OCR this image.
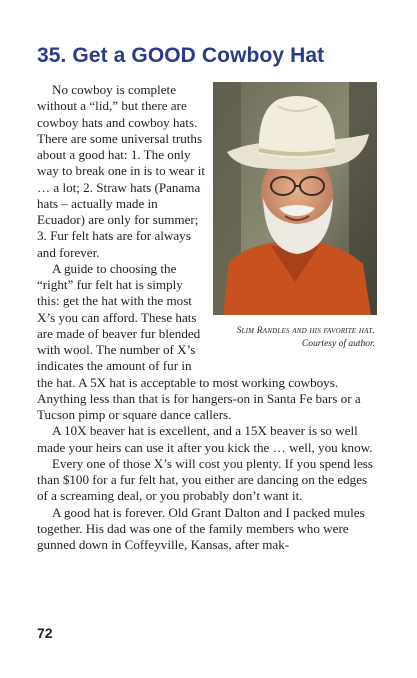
35. Get a GOOD Cowboy Hat
Slim Randles and his favorite hat. Courtesy of author.

No cowboy is complete without a “lid,” but there are cowboy hats and cowboy hats. There are some universal truths about a good hat: 1. The only way to break one in is to wear it … a lot; 2. Straw hats (Panama hats – actually made in Ecuador) are only for summer; 3. Fur felt hats are for always and forever.

A guide to choosing the “right” fur felt hat is simply this: get the hat with the most X’s you can afford. These hats are made of beaver fur blended with wool. The number of X’s indicates the amount of fur in the hat. A 5X hat is acceptable to most working cowboys. Anything less than that is for hangers-on in Santa Fe bars or a Tucson pimp or square dance callers.

A 10X beaver hat is excellent, and a 15X beaver is so well made your heirs can use it after you kick the … well, you know.

Every one of those X’s will cost you plenty. If you spend less than $100 for a fur felt hat, you either are dancing on the edges of a screaming deal, or you probably don’t want it.

A good hat is forever. Old Grant Dalton and I packed mules together. His dad was one of the family members who were gunned down in Coffeyville, Kansas, after mak-

72
